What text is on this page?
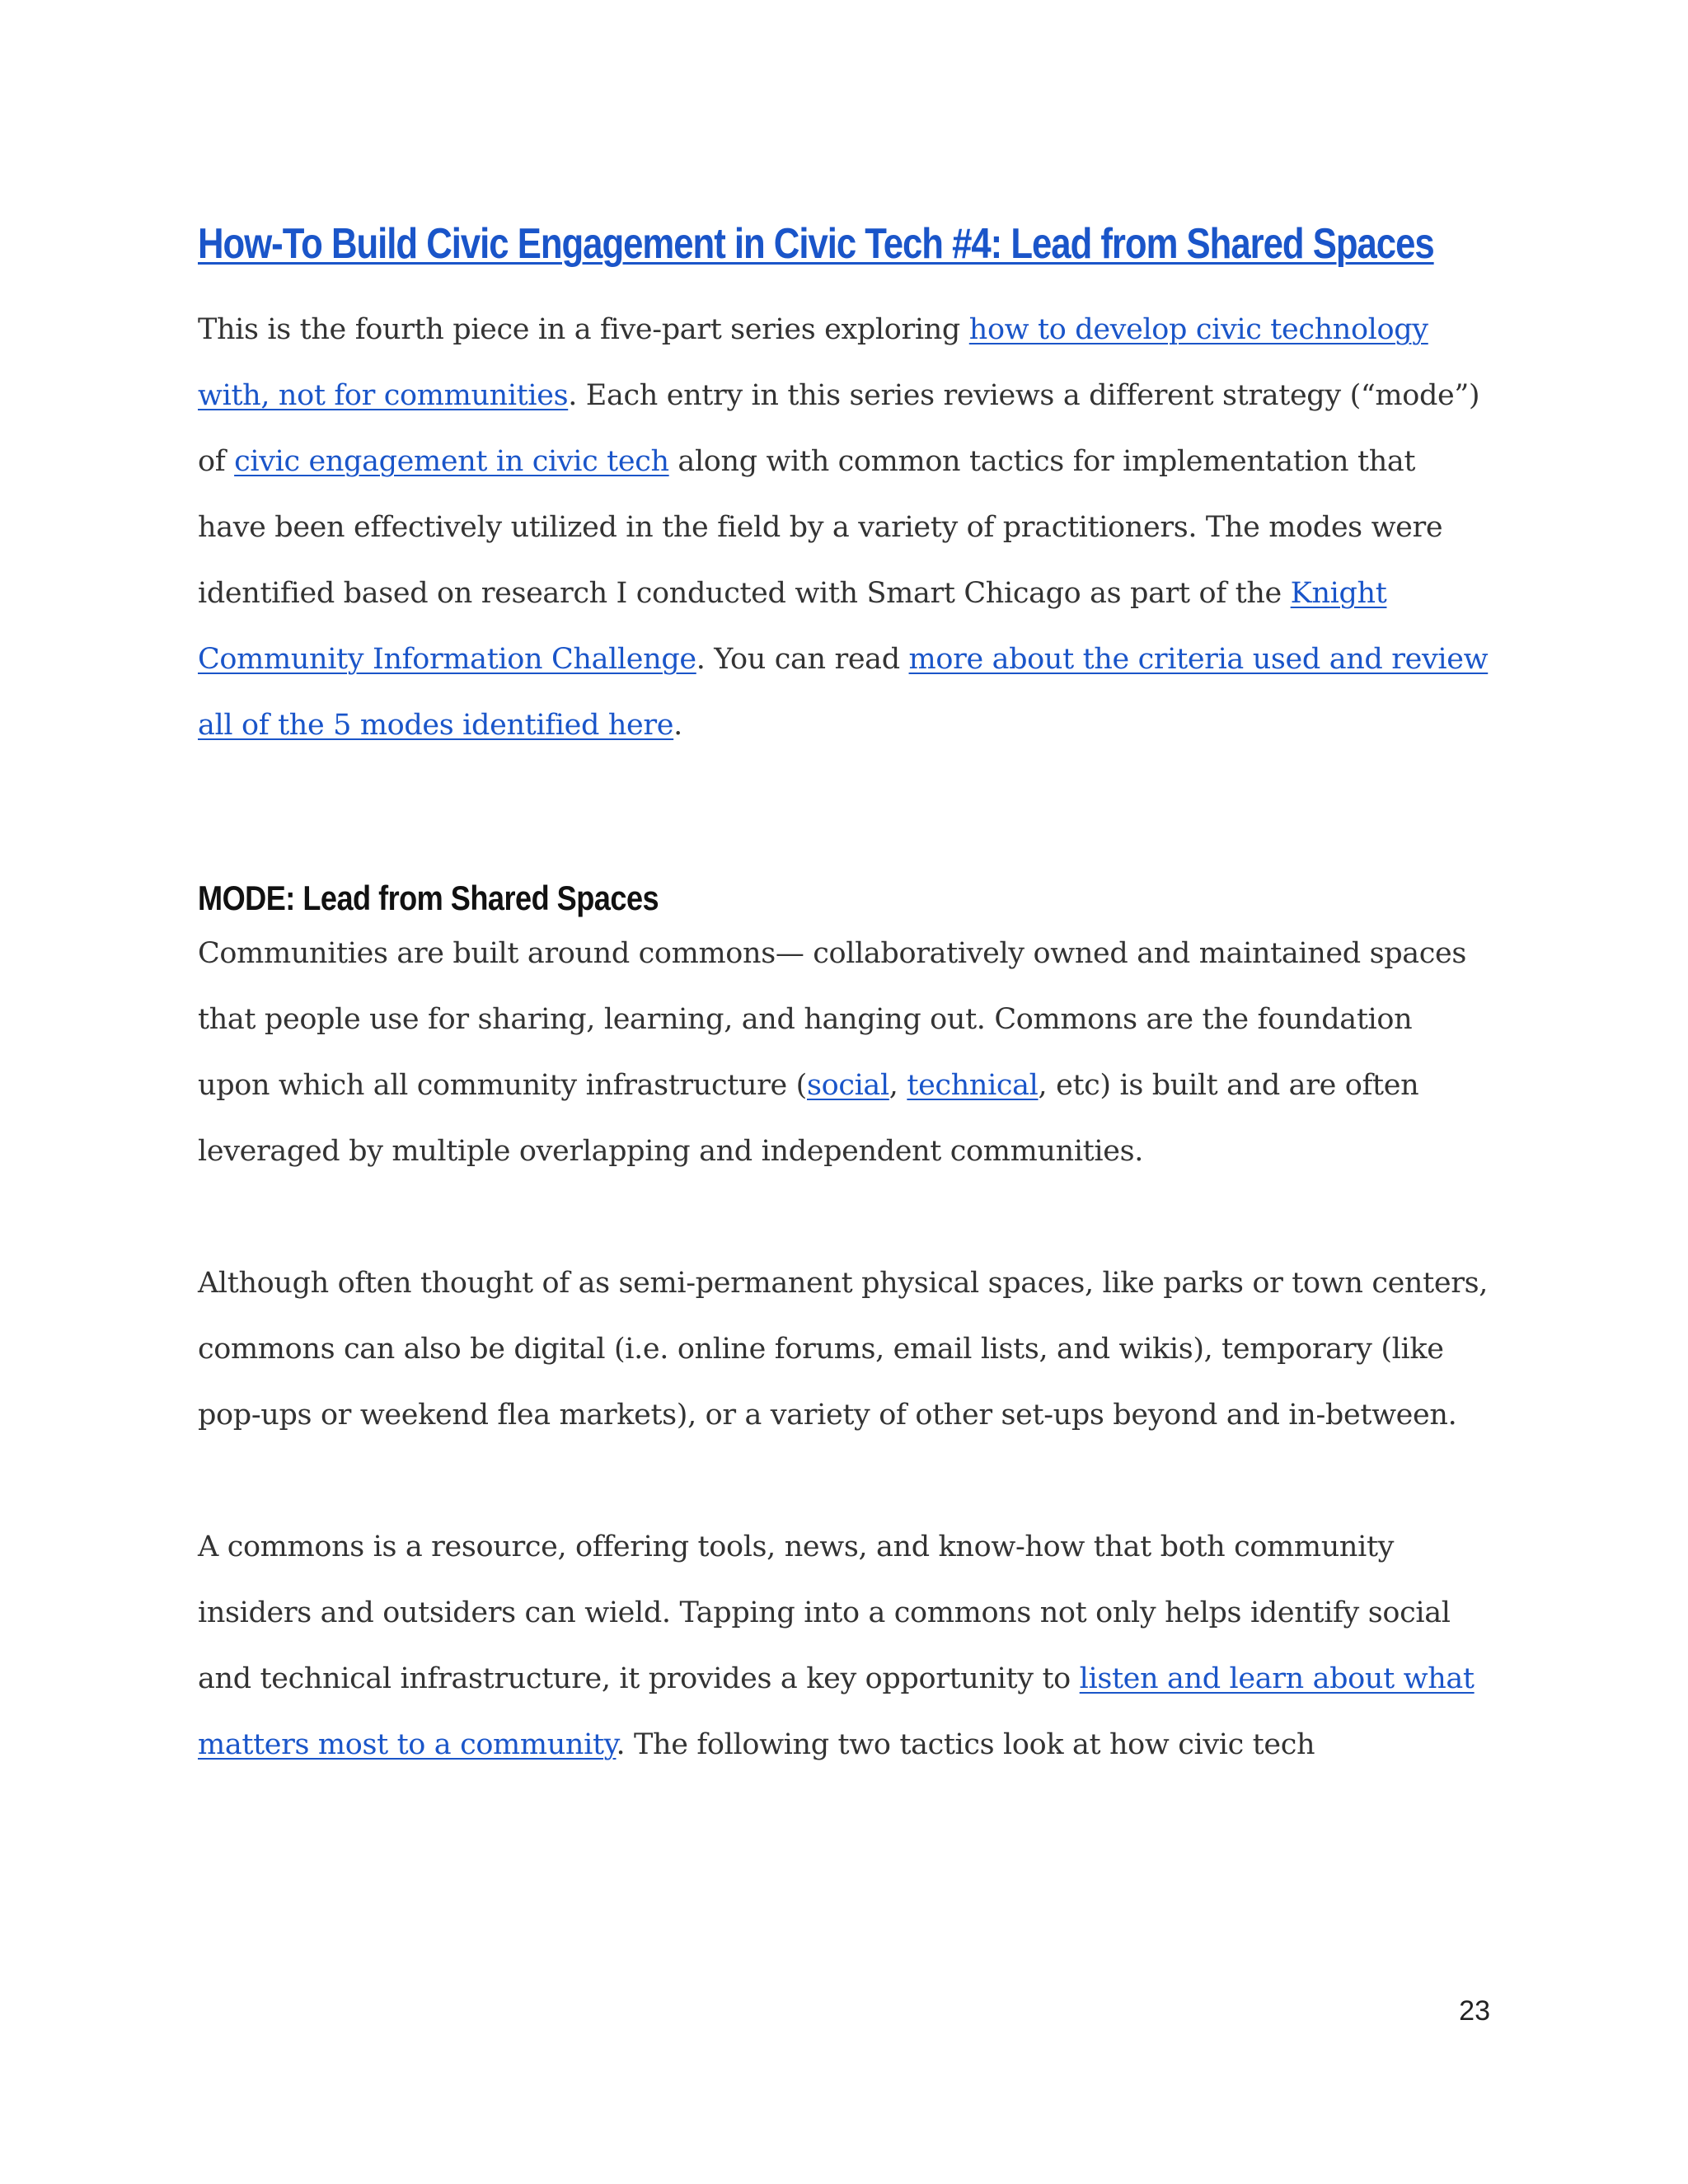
How-To Build Civic Engagement in Civic Tech #4: Lead from Shared Spaces

This is the fourth piece in a five-part series exploring how to develop civic technology with, not for communities. Each entry in this series reviews a different strategy (“mode”) of civic engagement in civic tech along with common tactics for implementation that have been effectively utilized in the field by a variety of practitioners. The modes were identified based on research I conducted with Smart Chicago as part of the Knight Community Information Challenge. You can read more about the criteria used and review all of the 5 modes identified here.

MODE: Lead from Shared Spaces

Communities are built around commons— collaboratively owned and maintained spaces that people use for sharing, learning, and hanging out. Commons are the foundation upon which all community infrastructure (social, technical, etc) is built and are often leveraged by multiple overlapping and independent communities.

Although often thought of as semi-permanent physical spaces, like parks or town centers, commons can also be digital (i.e. online forums, email lists, and wikis), temporary (like pop-ups or weekend flea markets), or a variety of other set-ups beyond and in-between.

A commons is a resource, offering tools, news, and know-how that both community insiders and outsiders can wield. Tapping into a commons not only helps identify social and technical infrastructure, it provides a key opportunity to listen and learn about what matters most to a community. The following two tactics look at how civic tech

23
